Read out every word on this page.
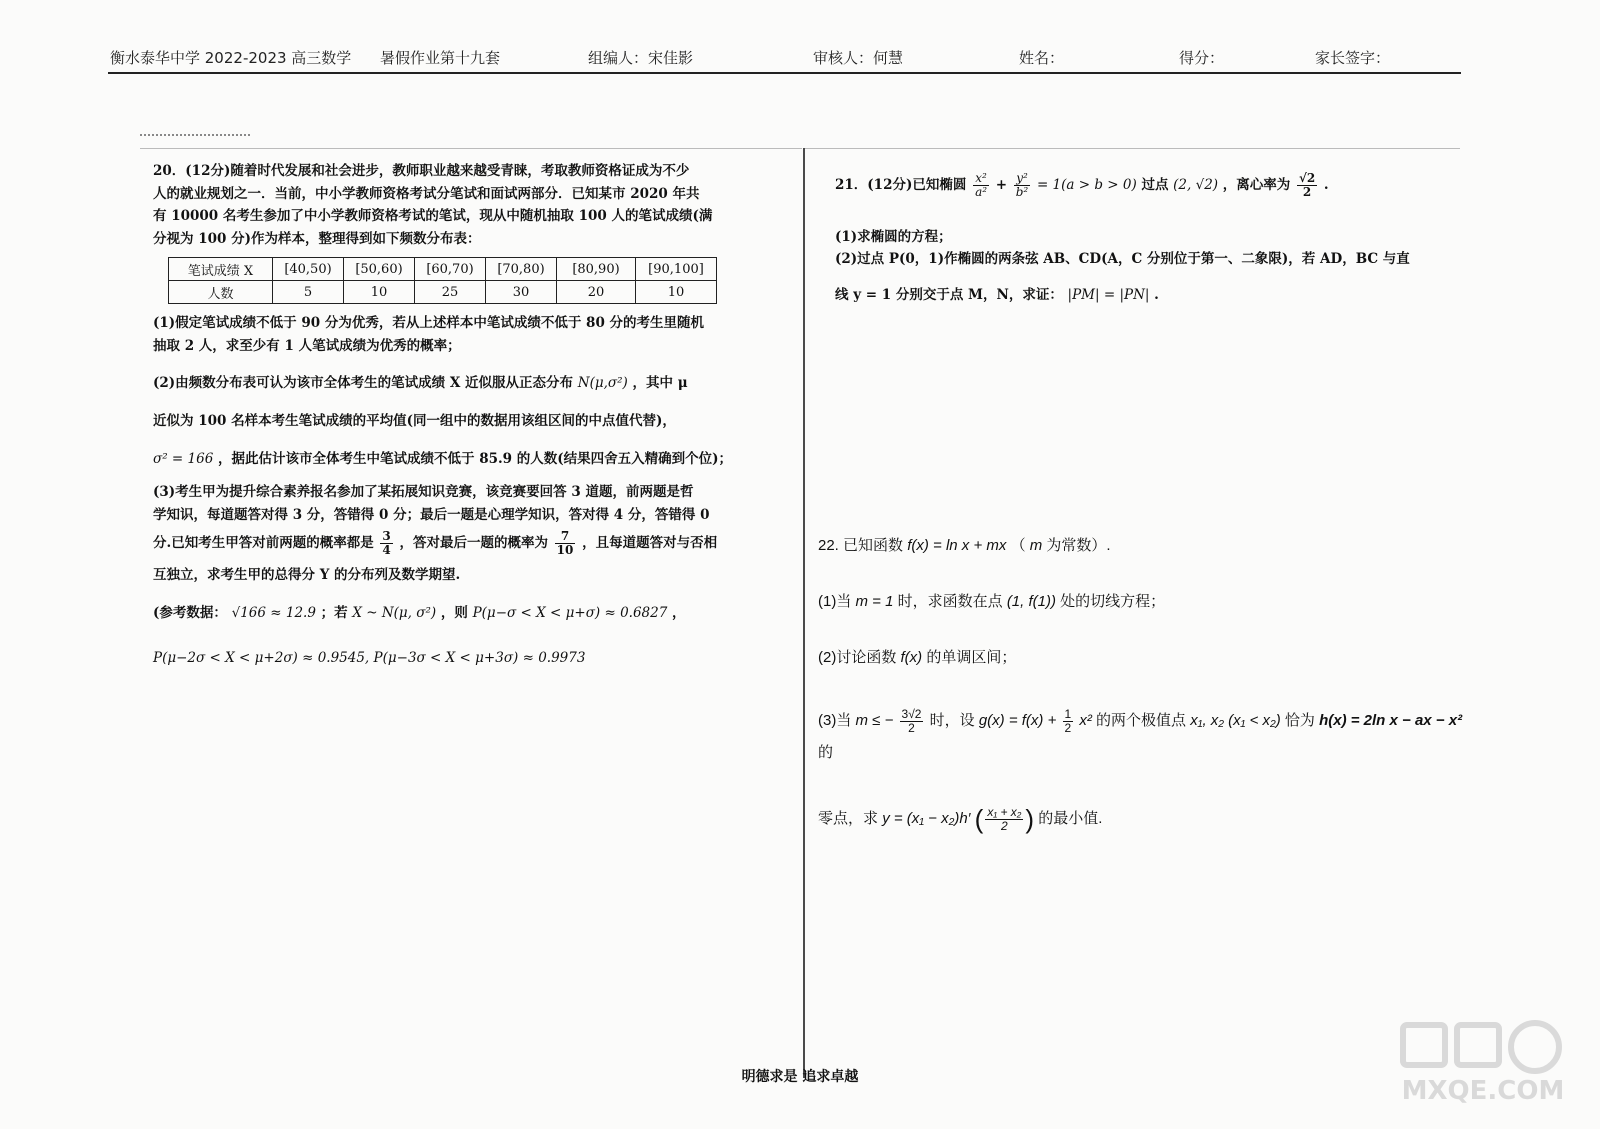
衡水泰华中学 2022-2023 高三数学 暑假作业第十九套	组编人：宋佳影	审核人：何慧	姓名：	得分：	家长签字：

20．(12分)随着时代发展和社会进步，教师职业越来越受青睐，考取教师资格证成为不少

人的就业规划之一．当前，中小学教师资格考试分笔试和面试两部分．已知某市 2020 年共

有 10000 名考生参加了中小学教师资格考试的笔试，现从中随机抽取 100 人的笔试成绩(满

分视为 100 分)作为样本，整理得到如下频数分布表：

(1)假定笔试成绩不低于 90 分为优秀，若从上述样本中笔试成绩不低于 80 分的考生里随机

抽取 2 人，求至少有 1 人笔试成绩为优秀的概率；

(2)由频数分布表可认为该市全体考生的笔试成绩 X 近似服从正态分布 N(μ,σ²) ，其中 μ

近似为 100 名样本考生笔试成绩的平均值(同一组中的数据用该组区间的中点值代替)，

σ² = 166 ，据此估计该市全体考生中笔试成绩不低于 85.9 的人数(结果四舍五入精确到个位)；

(3)考生甲为提升综合素养报名参加了某拓展知识竞赛，该竞赛要回答 3 道题，前两题是哲

学知识，每道题答对得 3 分，答错得 0 分；最后一题是心理学知识，答对得 4 分，答错得 0

分.已知考生甲答对前两题的概率都是 $\frac{3}{4}$ ，答对最后一题的概率为 $\frac{7}{10}$ ，且每道题答对与否相

互独立，求考生甲的总得分 Y 的分布列及数学期望.

(参考数据： √166 ≈ 12.9 ；若 X ~ N(μ, σ²) ，则 P(μ−σ < X < μ+σ) ≈ 0.6827 ，

P(μ−2σ < X < μ+2σ) ≈ 0.9545, P(μ−3σ < X < μ+3σ) ≈ 0.9973

笔试成绩 X	[40,50)	[50,60)	[60,70)	[70,80)	[80,90)	[90,100]
人数	5	10	25	30	20	10

21．(12分)已知椭圆 $\frac{\text{x²}}{\text{a²}} + \frac{\text{y²}}{\text{b²}} = 1(a > b > 0)$ 过点 (2, √2) ，离心率为 $\frac{√2}{2}$ .

(1)求椭圆的方程；

(2)过点 P(0，1)作椭圆的两条弦 AB、CD(A，C 分别位于第一、二象限)，若 AD，BC 与直

线 y = 1 分别交于点 M，N，求证： |PM| = |PN| .

22. 已知函数 f(x) = ln x + mx （ m 为常数）.

(1)当 m = 1 时，求函数在点 (1, f(1)) 处的切线方程；

(2)讨论函数 f(x) 的单调区间；

(3)当 m ≤ − $\frac{3√2}{2}$ 时，设 $g(x) = f(x) + \frac{1}{2} x^2$ 的两个极值点 x₁, x₂ (x₁ < x₂) 恰为 h(x) = 2ln x − ax − x² 的

零点，求 y = (x₁ − x₂)h′ ( $\frac{\text{x₁ + x₂}}{2}$ ) 的最小值.

明德求是 追求卓越	MXQE.COM
